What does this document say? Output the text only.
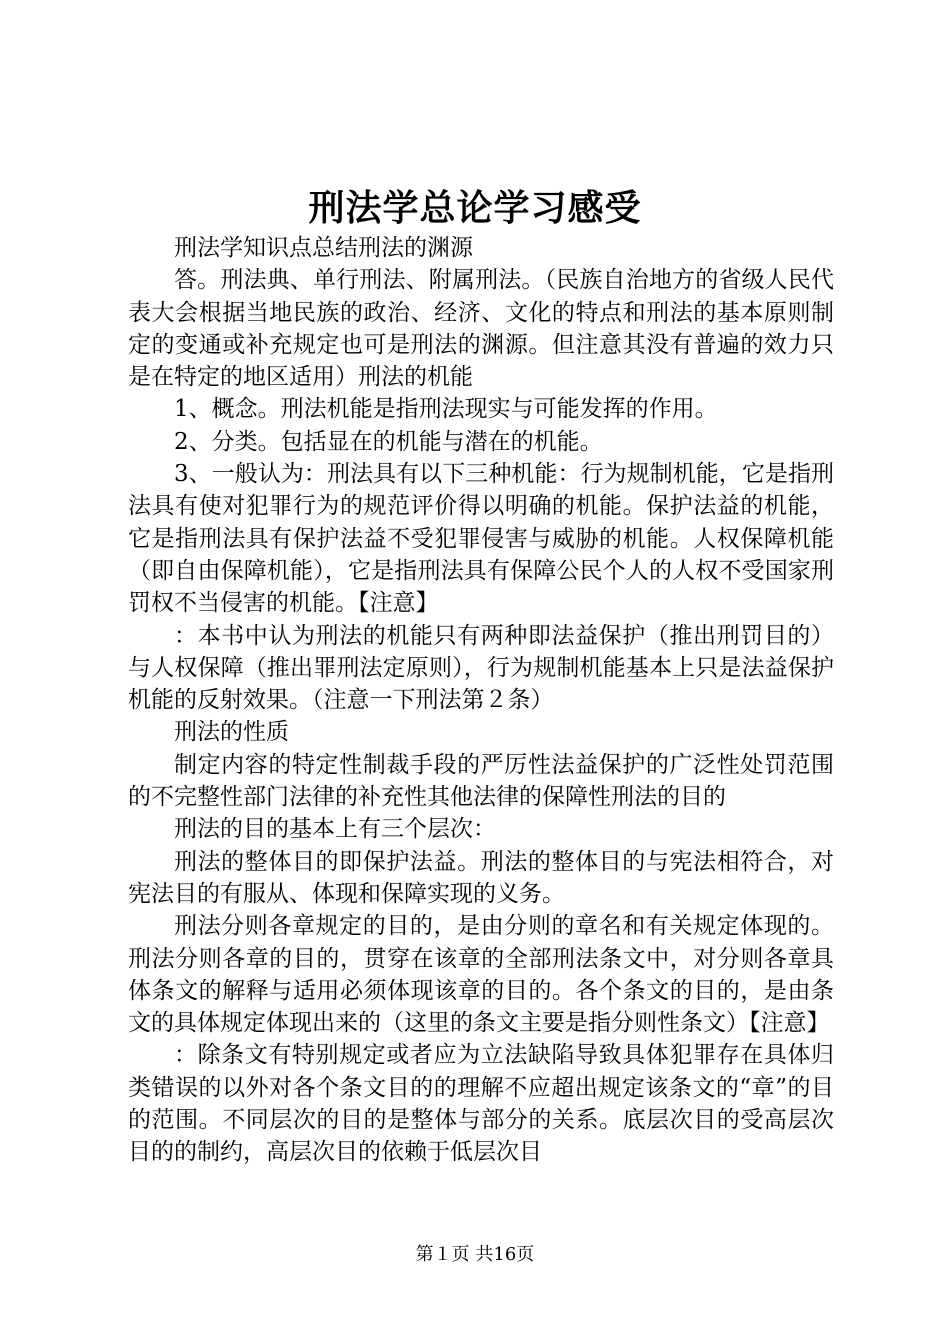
刑法学总论学习感受

刑法学知识点总结刑法的渊源

答。刑法典、单行刑法、附属刑法。（民族自治地方的省级人民代表大会根据当地民族的政治、经济、文化的特点和刑法的基本原则制定的变通或补充规定也可是刑法的渊源。但注意其没有普遍的效力只是在特定的地区适用）刑法的机能

1、概念。刑法机能是指刑法现实与可能发挥的作用。

2、分类。包括显在的机能与潜在的机能。

3、一般认为：刑法具有以下三种机能：行为规制机能，它是指刑法具有使对犯罪行为的规范评价得以明确的机能。保护法益的机能，它是指刑法具有保护法益不受犯罪侵害与威胁的机能。人权保障机能（即自由保障机能），它是指刑法具有保障公民个人的人权不受国家刑罚权不当侵害的机能。【注意】

：本书中认为刑法的机能只有两种即法益保护（推出刑罚目的）与人权保障（推出罪刑法定原则），行为规制机能基本上只是法益保护机能的反射效果。（注意一下刑法第２条）

刑法的性质

制定内容的特定性制裁手段的严厉性法益保护的广泛性处罚范围的不完整性部门法律的补充性其他法律的保障性刑法的目的

刑法的目的基本上有三个层次：

刑法的整体目的即保护法益。刑法的整体目的与宪法相符合，对宪法目的有服从、体现和保障实现的义务。

刑法分则各章规定的目的，是由分则的章名和有关规定体现的。刑法分则各章的目的，贯穿在该章的全部刑法条文中，对分则各章具体条文的解释与适用必须体现该章的目的。各个条文的目的，是由条文的具体规定体现出来的（这里的条文主要是指分则性条文）【注意】

：除条文有特别规定或者应为立法缺陷导致具体犯罪存在具体归类错误的以外对各个条文目的的理解不应超出规定该条文的“章”的目的范围。不同层次的目的是整体与部分的关系。底层次目的受高层次目的的制约，高层次目的依赖于低层次目

第１页 共16页
